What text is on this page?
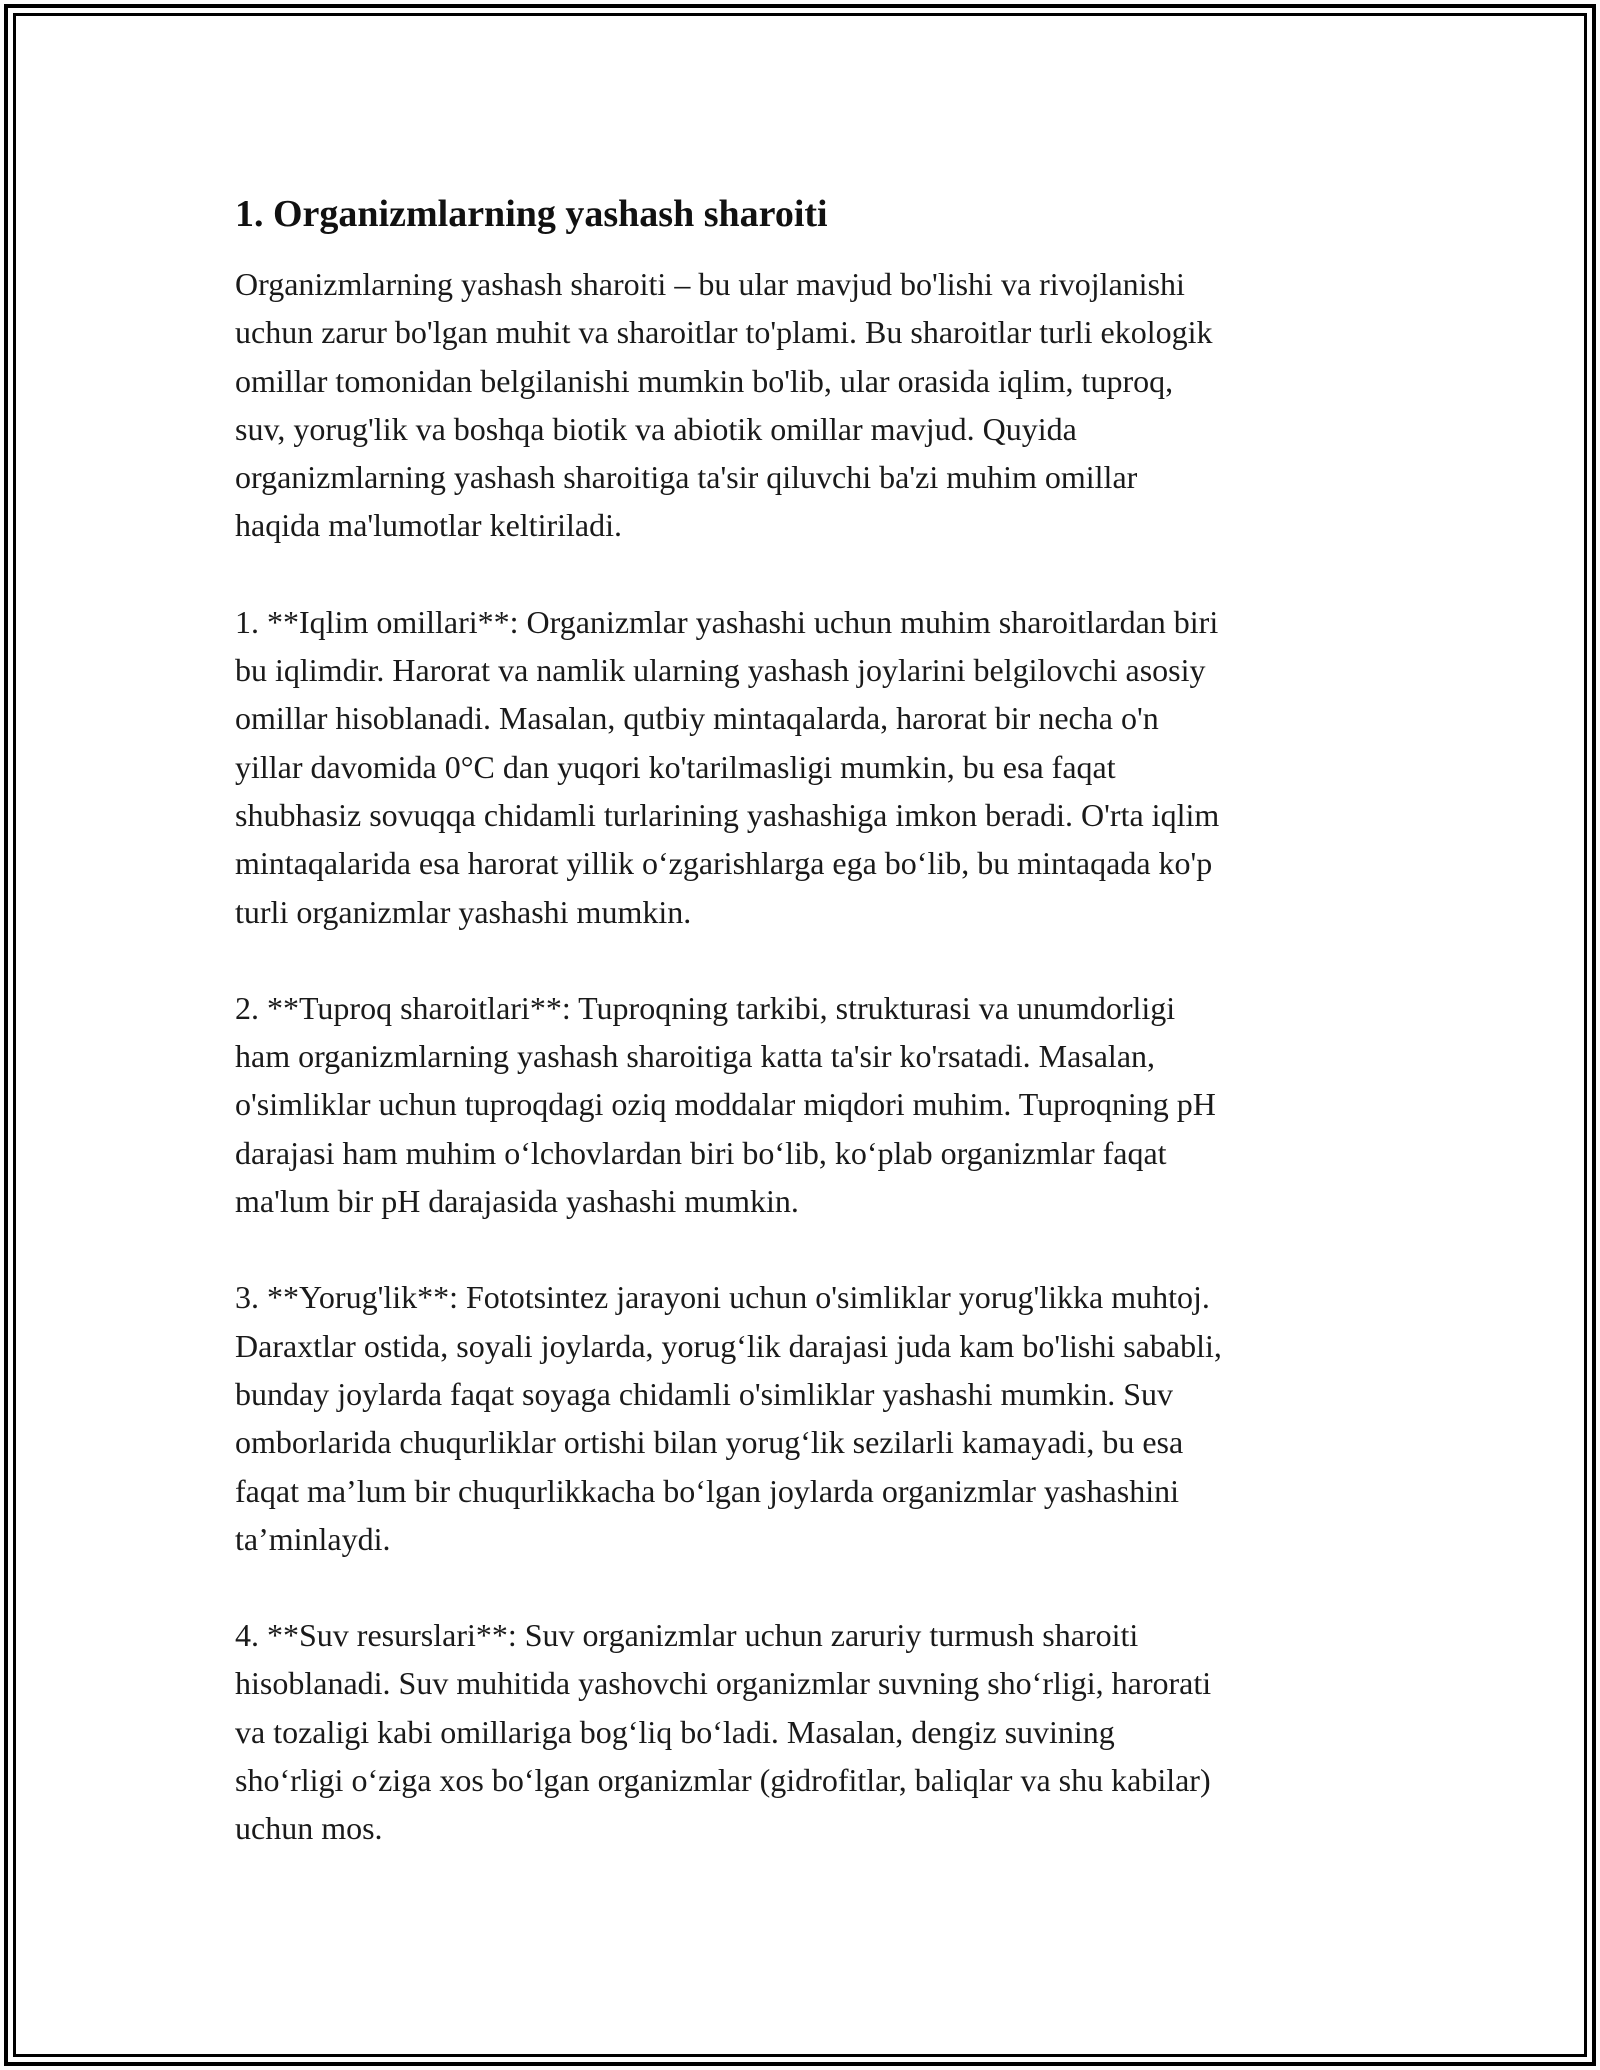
1. Organizmlarning yashash sharoiti

Organizmlarning yashash sharoiti – bu ular mavjud bo'lishi va rivojlanishi
uchun zarur bo'lgan muhit va sharoitlar to'plami. Bu sharoitlar turli ekologik
omillar tomonidan belgilanishi mumkin bo'lib, ular orasida iqlim, tuproq,
suv, yorug'lik va boshqa biotik va abiotik omillar mavjud. Quyida
organizmlarning yashash sharoitiga ta'sir qiluvchi ba'zi muhim omillar
haqida ma'lumotlar keltiriladi.

1. **Iqlim omillari**: Organizmlar yashashi uchun muhim sharoitlardan biri
bu iqlimdir. Harorat va namlik ularning yashash joylarini belgilovchi asosiy
omillar hisoblanadi. Masalan, qutbiy mintaqalarda, harorat bir necha o'n
yillar davomida 0°C dan yuqori ko'tarilmasligi mumkin, bu esa faqat
shubhasiz sovuqqa chidamli turlarining yashashiga imkon beradi. O'rta iqlim
mintaqalarida esa harorat yillik oʻzgarishlarga ega boʻlib, bu mintaqada ko'p
turli organizmlar yashashi mumkin.

2. **Tuproq sharoitlari**: Tuproqning tarkibi, strukturasi va unumdorligi
ham organizmlarning yashash sharoitiga katta ta'sir ko'rsatadi. Masalan,
o'simliklar uchun tuproqdagi oziq moddalar miqdori muhim. Tuproqning pH
darajasi ham muhim oʻlchovlardan biri boʻlib, koʻplab organizmlar faqat
ma'lum bir pH darajasida yashashi mumkin.

3. **Yorug'lik**: Fototsintez jarayoni uchun o'simliklar yorug'likka muhtoj.
Daraxtlar ostida, soyali joylarda, yorugʻlik darajasi juda kam bo'lishi sababli,
bunday joylarda faqat soyaga chidamli o'simliklar yashashi mumkin. Suv
omborlarida chuqurliklar ortishi bilan yorugʻlik sezilarli kamayadi, bu esa
faqat ma’lum bir chuqurlikkacha boʻlgan joylarda organizmlar yashashini
ta’minlaydi.

4. **Suv resurslari**: Suv organizmlar uchun zaruriy turmush sharoiti
hisoblanadi. Suv muhitida yashovchi organizmlar suvning shoʻrligi, harorati
va tozaligi kabi omillariga bogʻliq boʻladi. Masalan, dengiz suvining
shoʻrligi oʻziga xos boʻlgan organizmlar (gidrofitlar, baliqlar va shu kabilar)
uchun mos.
